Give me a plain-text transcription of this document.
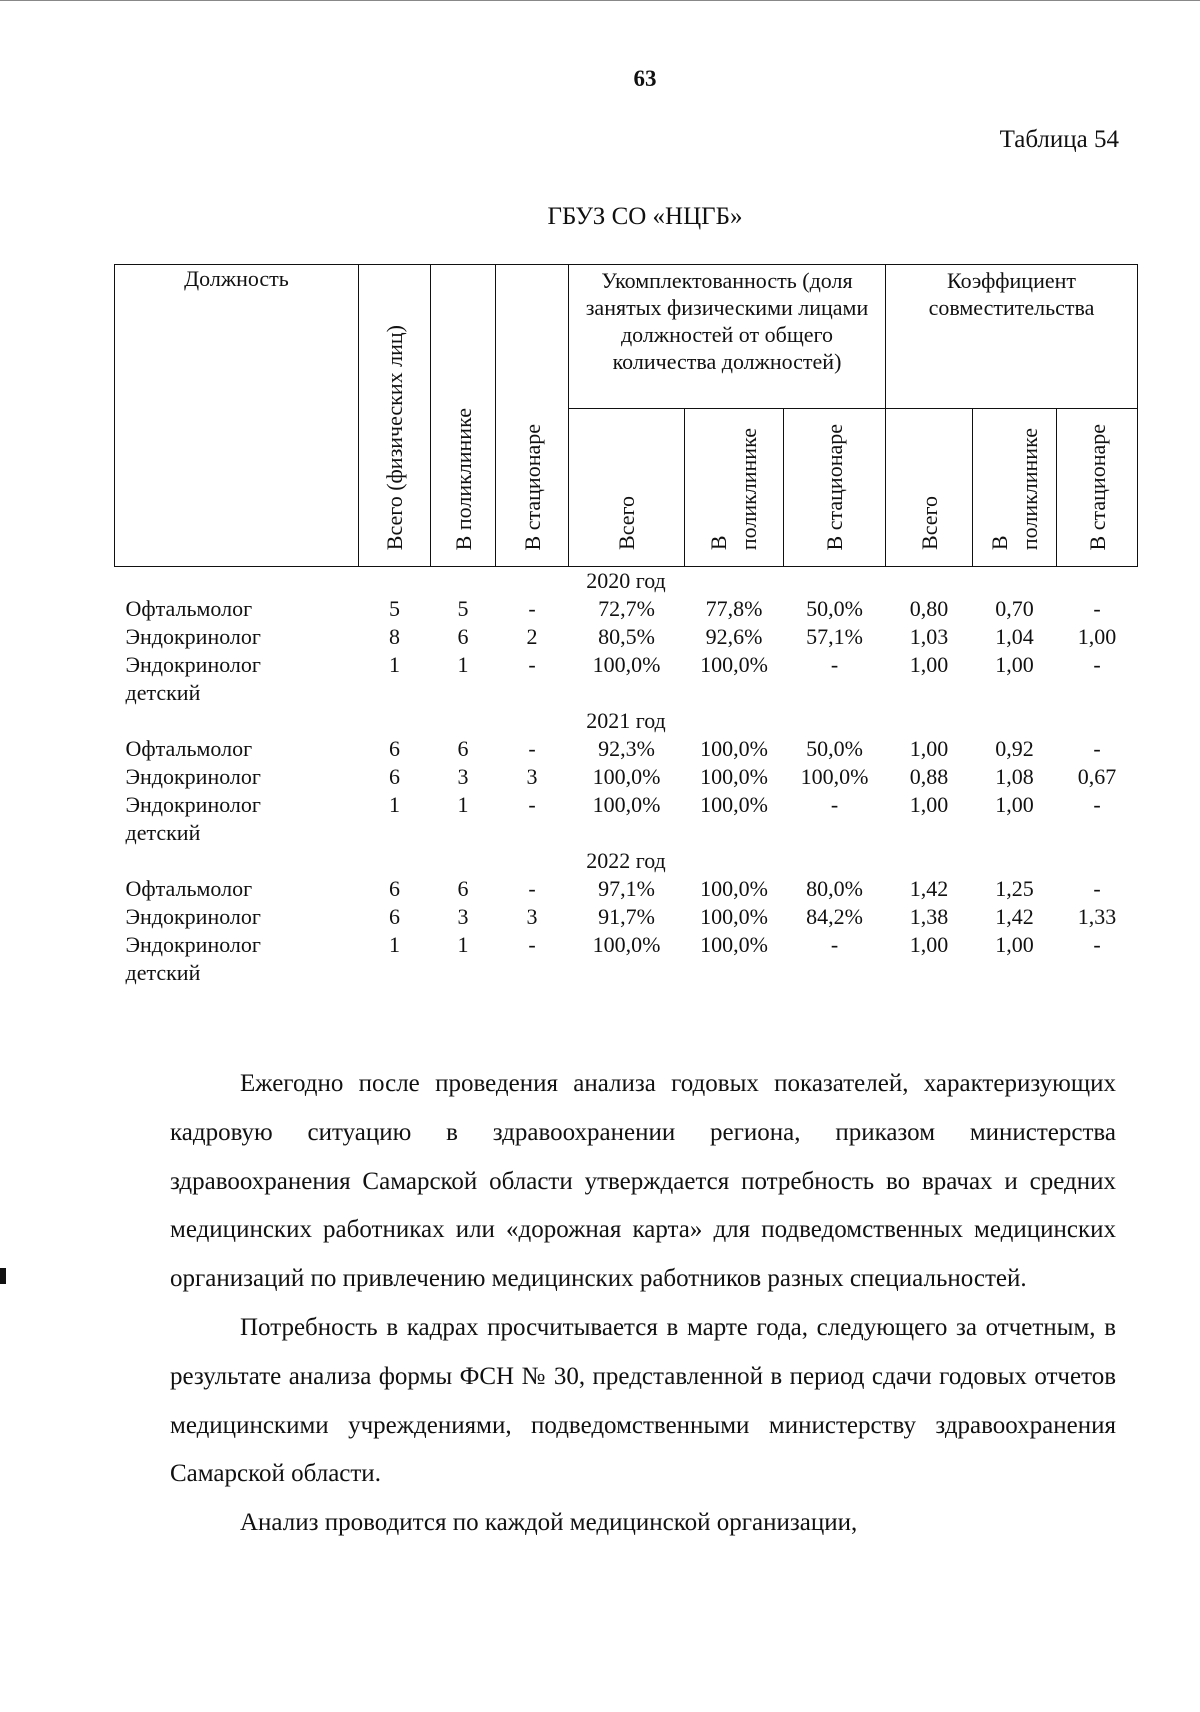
63
Таблица 54
ГБУЗ СО «НЦГБ»
Должность	Всего (физических лиц)	В поликлинике	В стационаре	Укомплектованность (доля занятых физическими лицами должностей от общего количества должностей)			Коэффициент совместительства		
				Всего	В поликлинике	В стационаре	Всего	В поликлинике	В стационаре
2020 год									
Офтальмолог	5	5	-	72,7%	77,8%	50,0%	0,80	0,70	-
Эндокринолог	8	6	2	80,5%	92,6%	57,1%	1,03	1,04	1,00
Эндокринолог	1	1	-	100,0%	100,0%	-	1,00	1,00	-
детский									
2021 год									
Офтальмолог	6	6	-	92,3%	100,0%	50,0%	1,00	0,92	-
Эндокринолог	6	3	3	100,0%	100,0%	100,0%	0,88	1,08	0,67
Эндокринолог	1	1	-	100,0%	100,0%	-	1,00	1,00	-
детский									
2022 год									
Офтальмолог	6	6	-	97,1%	100,0%	80,0%	1,42	1,25	-
Эндокринолог	6	3	3	91,7%	100,0%	84,2%	1,38	1,42	1,33
Эндокринолог	1	1	-	100,0%	100,0%	-	1,00	1,00	-
детский									

Ежегодно после проведения анализа годовых показателей, характеризующих кадровую ситуацию в здравоохранении региона, приказом министерства здравоохранения Самарской области утверждается потребность во врачах и средних медицинских работниках или «дорожная карта» для подведомственных медицинских организаций по привлечению медицинских работников разных специальностей.

Потребность в кадрах просчитывается в марте года, следующего за отчетным, в результате анализа формы ФСН № 30, представленной в период сдачи годовых отчетов медицинскими учреждениями, подведомственными министерству здравоохранения Самарской области.

Анализ проводится по каждой медицинской организации,
